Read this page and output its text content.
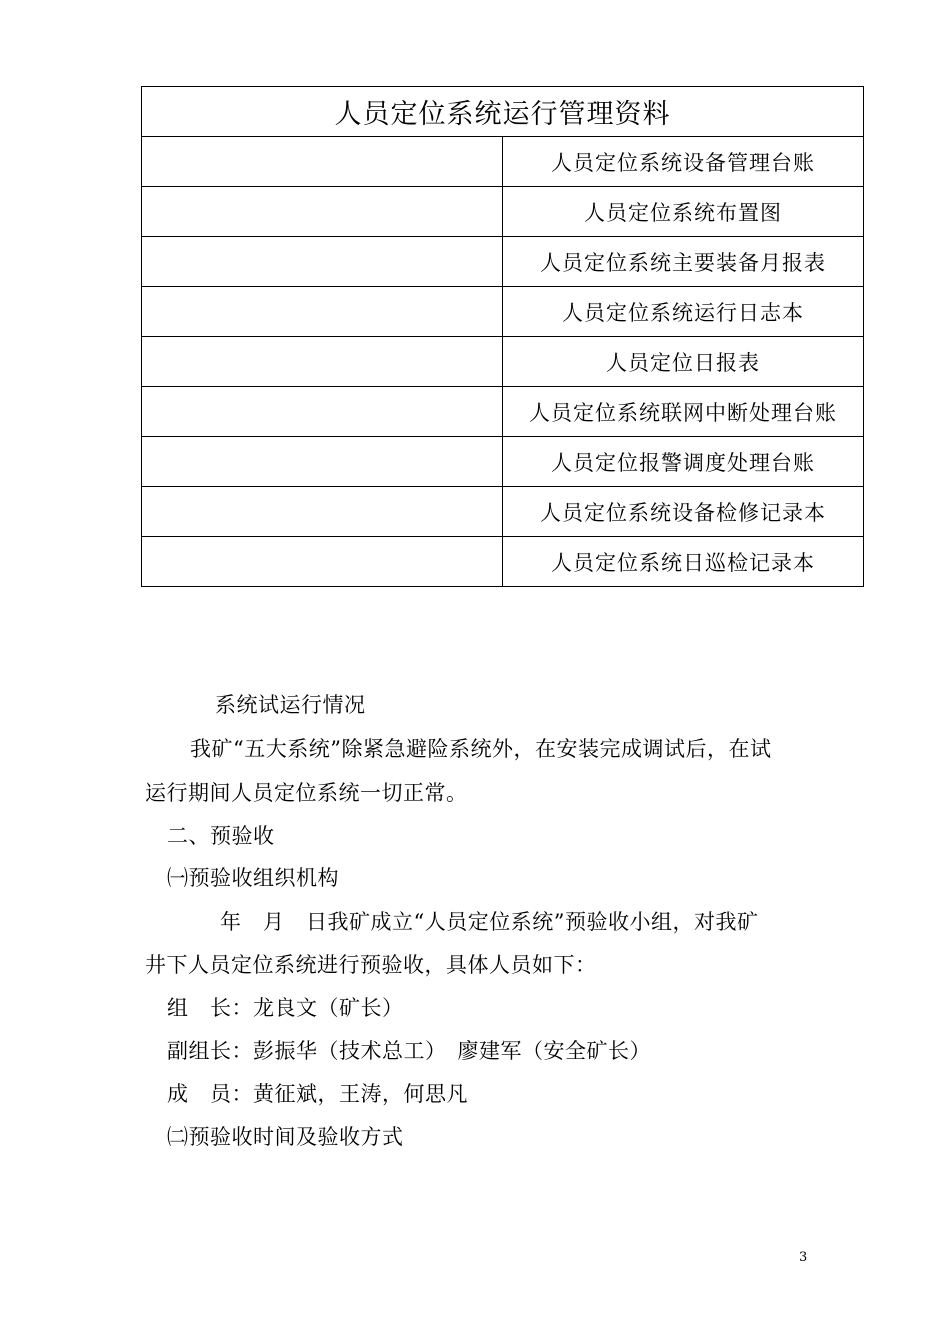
人员定位系统运行管理资料	
	人员定位系统设备管理台账
	人员定位系统布置图
	人员定位系统主要装备月报表
	人员定位系统运行日志本
	人员定位日报表
	人员定位系统联网中断处理台账
	人员定位报警调度处理台账
	人员定位系统设备检修记录本
	人员定位系统日巡检记录本
系统试运行情况
我矿“五大系统”除紧急避险系统外，在安装完成调试后，在试
运行期间人员定位系统一切正常。
二、预验收
㈠预验收组织机构
年　月　日我矿成立“人员定位系统”预验收小组，对我矿
井下人员定位系统进行预验收，具体人员如下：
组　长：龙良文（矿长）
副组长：彭振华（技术总工）　廖建军（安全矿长）
成　员：黄征斌，王涛，何思凡
㈡预验收时间及验收方式
3
